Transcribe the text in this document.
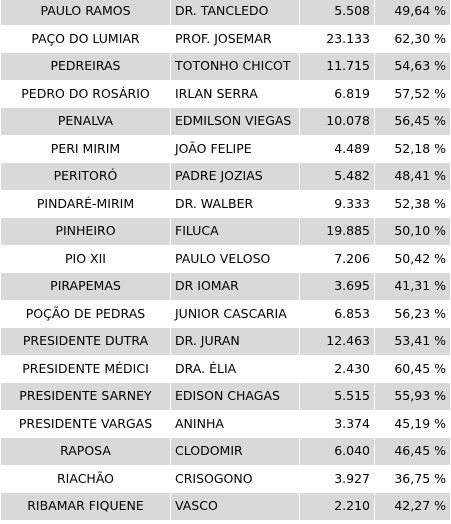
PAULO RAMOS	DR. TANCLEDO	5.508	49,64 %
PAÇO DO LUMIAR	PROF. JOSEMAR	23.133	62,30 %
PEDREIRAS	TOTONHO CHICOT	11.715	54,63 %
PEDRO DO ROSÁRIO	IRLAN SERRA	6.819	57,52 %
PENALVA	EDMILSON VIEGAS	10.078	56,45 %
PERI MIRIM	JOÃO FELIPE	4.489	52,18 %
PERITORÓ	PADRE JOZIAS	5.482	48,41 %
PINDARÉ-MIRIM	DR. WALBER	9.333	52,38 %
PINHEIRO	FILUCA	19.885	50,10 %
PIO XII	PAULO VELOSO	7.206	50,42 %
PIRAPEMAS	DR IOMAR	3.695	41,31 %
POÇÃO DE PEDRAS	JUNIOR CASCARIA	6.853	56,23 %
PRESIDENTE DUTRA	DR. JURAN	12.463	53,41 %
PRESIDENTE MÉDICI	DRA. ÉLIA	2.430	60,45 %
PRESIDENTE SARNEY	EDISON CHAGAS	5.515	55,93 %
PRESIDENTE VARGAS	ANINHA	3.374	45,19 %
RAPOSA	CLODOMIR	6.040	46,45 %
RIACHÃO	CRISOGONO	3.927	36,75 %
RIBAMAR FIQUENE	VASCO	2.210	42,27 %
